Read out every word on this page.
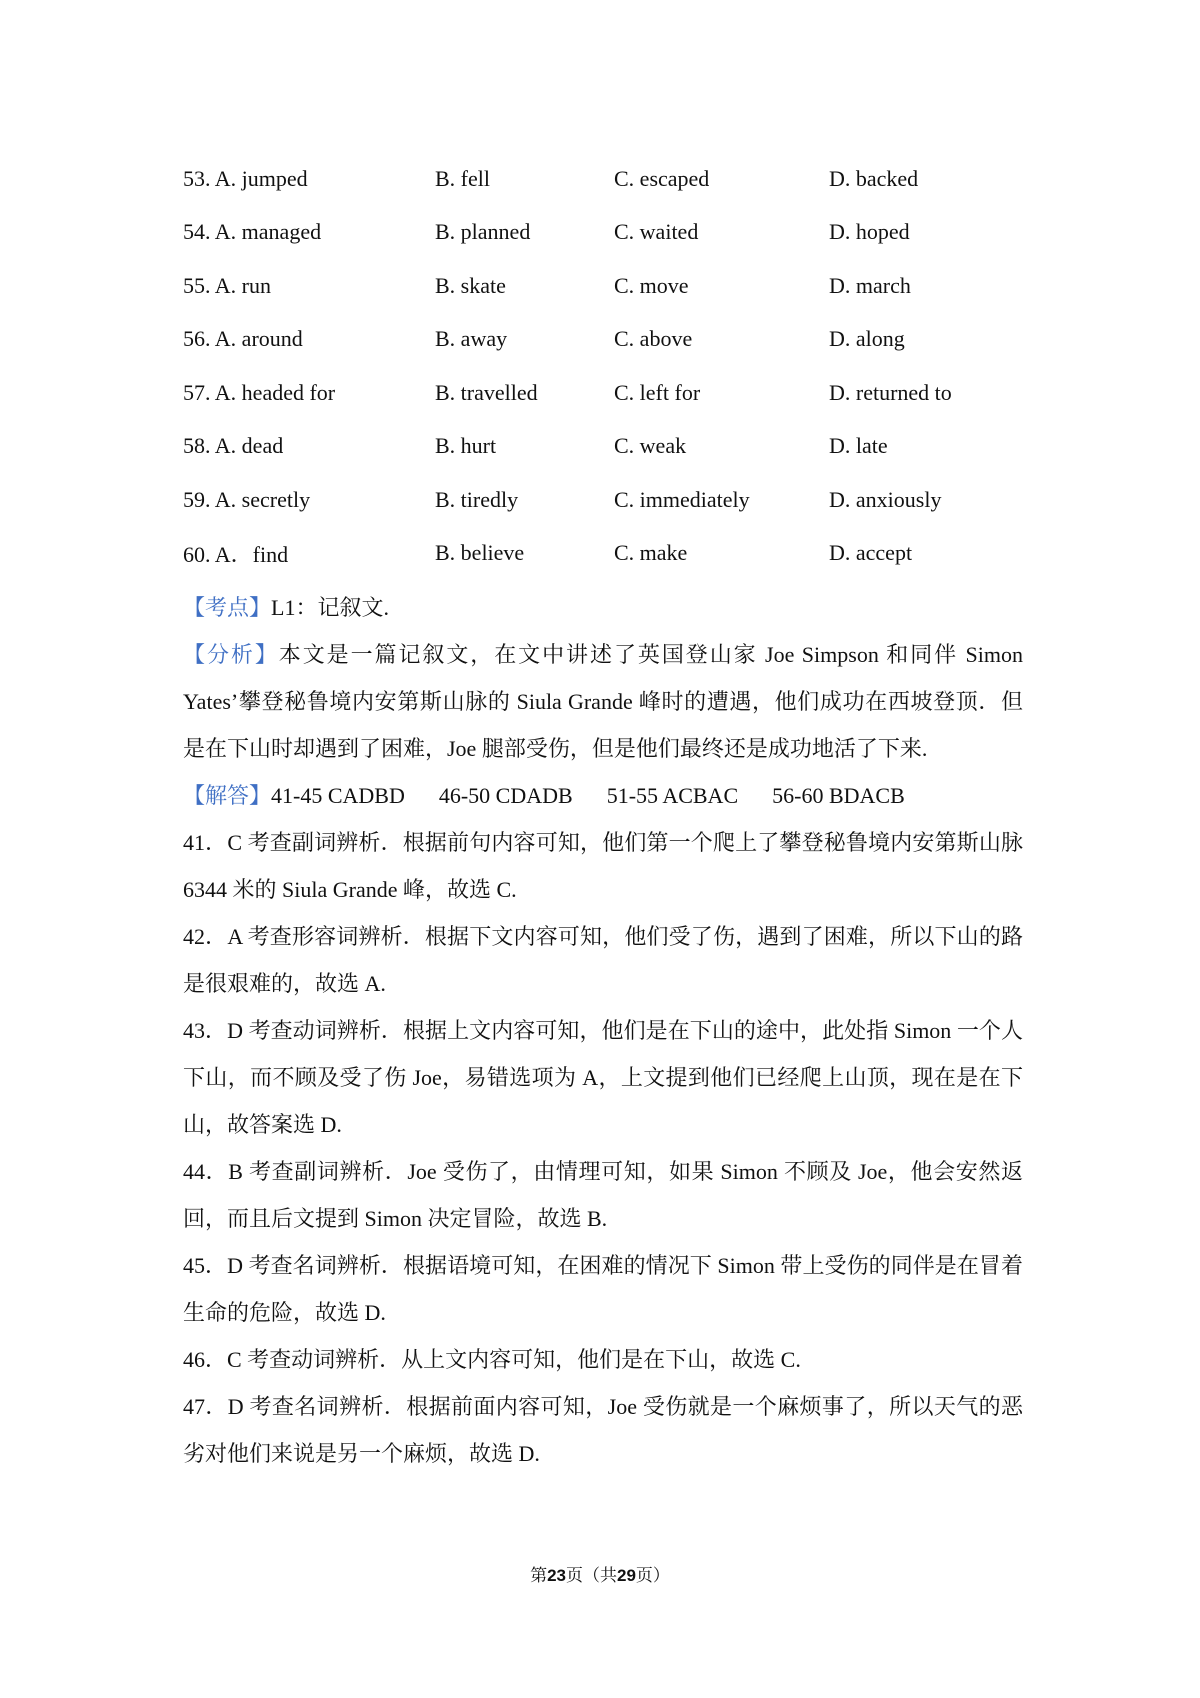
53. A. jumped	B. fell	C. escaped	D. backed
54. A. managed	B. planned	C. waited	D. hoped
55. A. run	B. skate	C. move	D. march
56. A. around	B. away	C. above	D. along
57. A. headed for	B. travelled	C. left for	D. returned to
58. A. dead	B. hurt	C. weak	D. late
59. A. secretly	B. tiredly	C. immediately	D. anxiously
60. A．find	B. believe	C. make	D. accept

【考点】L1：记叙文.

【分析】本文是一篇记叙文，在文中讲述了英国登山家 Joe Simpson 和同伴 Simon Yates’攀登秘鲁境内安第斯山脉的 Siula Grande 峰时的遭遇，他们成功在西坡登顶．但是在下山时却遇到了困难，Joe 腿部受伤，但是他们最终还是成功地活了下来.

【解答】41-45 CADBD 46-50 CDADB 51-55 ACBAC 56-60 BDACB

41．C 考查副词辨析．根据前句内容可知，他们第一个爬上了攀登秘鲁境内安第斯山脉 6344 米的 Siula Grande 峰，故选 C.

42．A 考查形容词辨析．根据下文内容可知，他们受了伤，遇到了困难，所以下山的路是很艰难的，故选 A.

43．D 考查动词辨析．根据上文内容可知，他们是在下山的途中，此处指 Simon 一个人下山，而不顾及受了伤 Joe，易错选项为 A，上文提到他们已经爬上山顶，现在是在下山，故答案选 D.

44．B 考查副词辨析．Joe 受伤了，由情理可知，如果 Simon 不顾及 Joe，他会安然返回，而且后文提到 Simon 决定冒险，故选 B.

45．D 考查名词辨析．根据语境可知，在困难的情况下 Simon 带上受伤的同伴是在冒着生命的危险，故选 D.

46．C 考查动词辨析．从上文内容可知，他们是在下山，故选 C.

47．D 考查名词辨析．根据前面内容可知，Joe 受伤就是一个麻烦事了，所以天气的恶劣对他们来说是另一个麻烦，故选 D.

第23页（共29页）
